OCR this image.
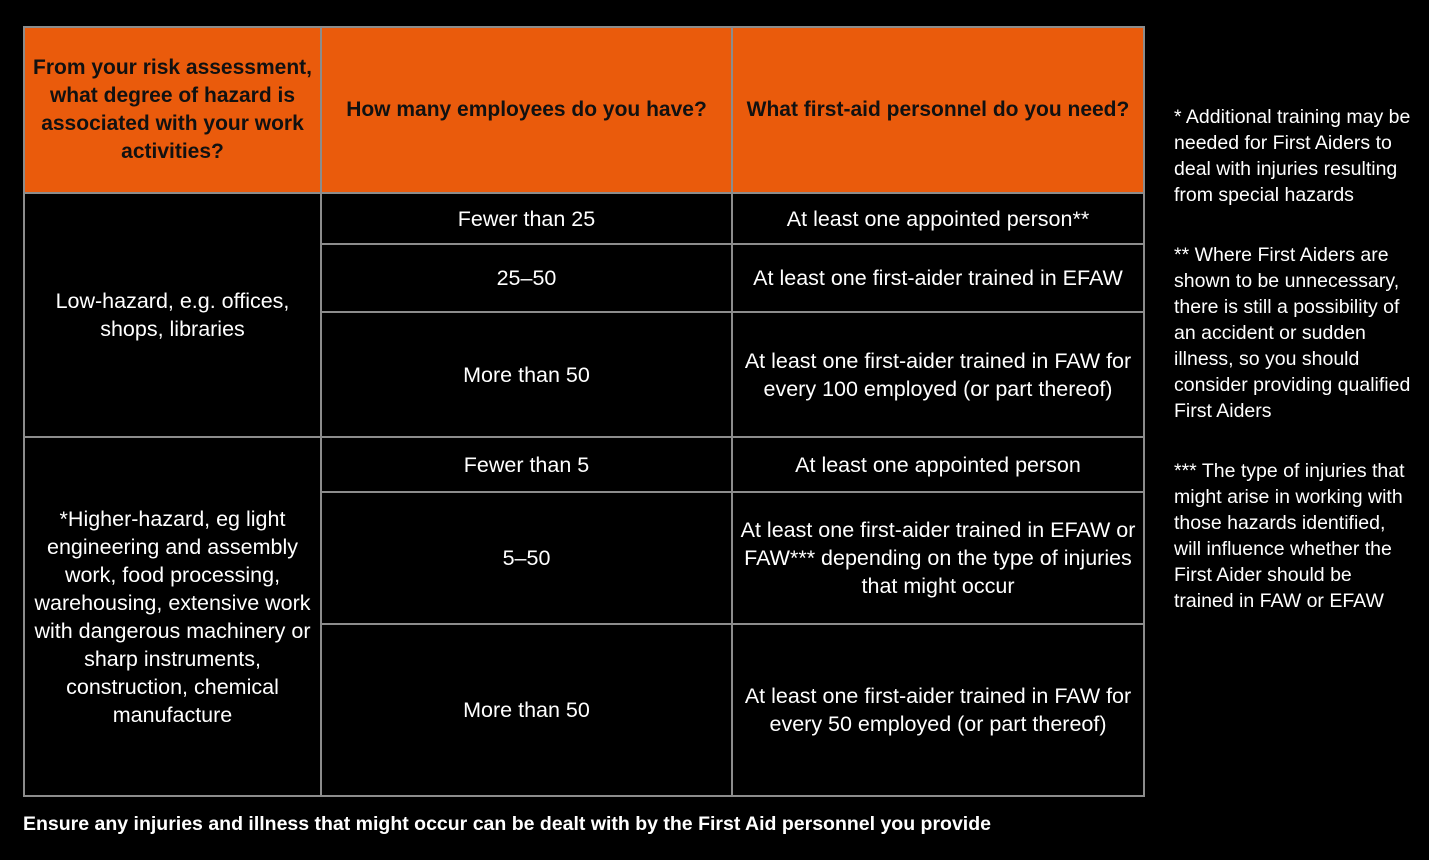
From your risk assessment, what degree of hazard is associated with your work activities?	How many employees do you have?	What first-aid personnel do you need?
Low-hazard, e.g. offices, shops, libraries	Fewer than 25	At least one appointed person**
	25–50	At least one first-aider trained in EFAW
	More than 50	At least one first-aider trained in FAW for every 100 employed (or part thereof)
*Higher-hazard, eg light engineering and assembly work, food processing, warehousing, extensive work with dangerous machinery or sharp instruments, construction, chemical manufacture	Fewer than 5	At least one appointed person
	5–50	At least one first-aider trained in EFAW or FAW*** depending on the type of injuries that might occur
	More than 50	At least one first-aider trained in FAW for every 50 employed (or part thereof)

* Additional training may be needed for First Aiders to deal with injuries resulting from special hazards

** Where First Aiders are shown to be unnecessary, there is still a possibility of an accident or sudden illness, so you should consider providing qualified First Aiders

*** The type of injuries that
might arise in working with those hazards identified, will influence whether the First Aider should be trained in FAW or EFAW

Ensure any injuries and illness that might occur can be dealt with by the First Aid personnel you provide
